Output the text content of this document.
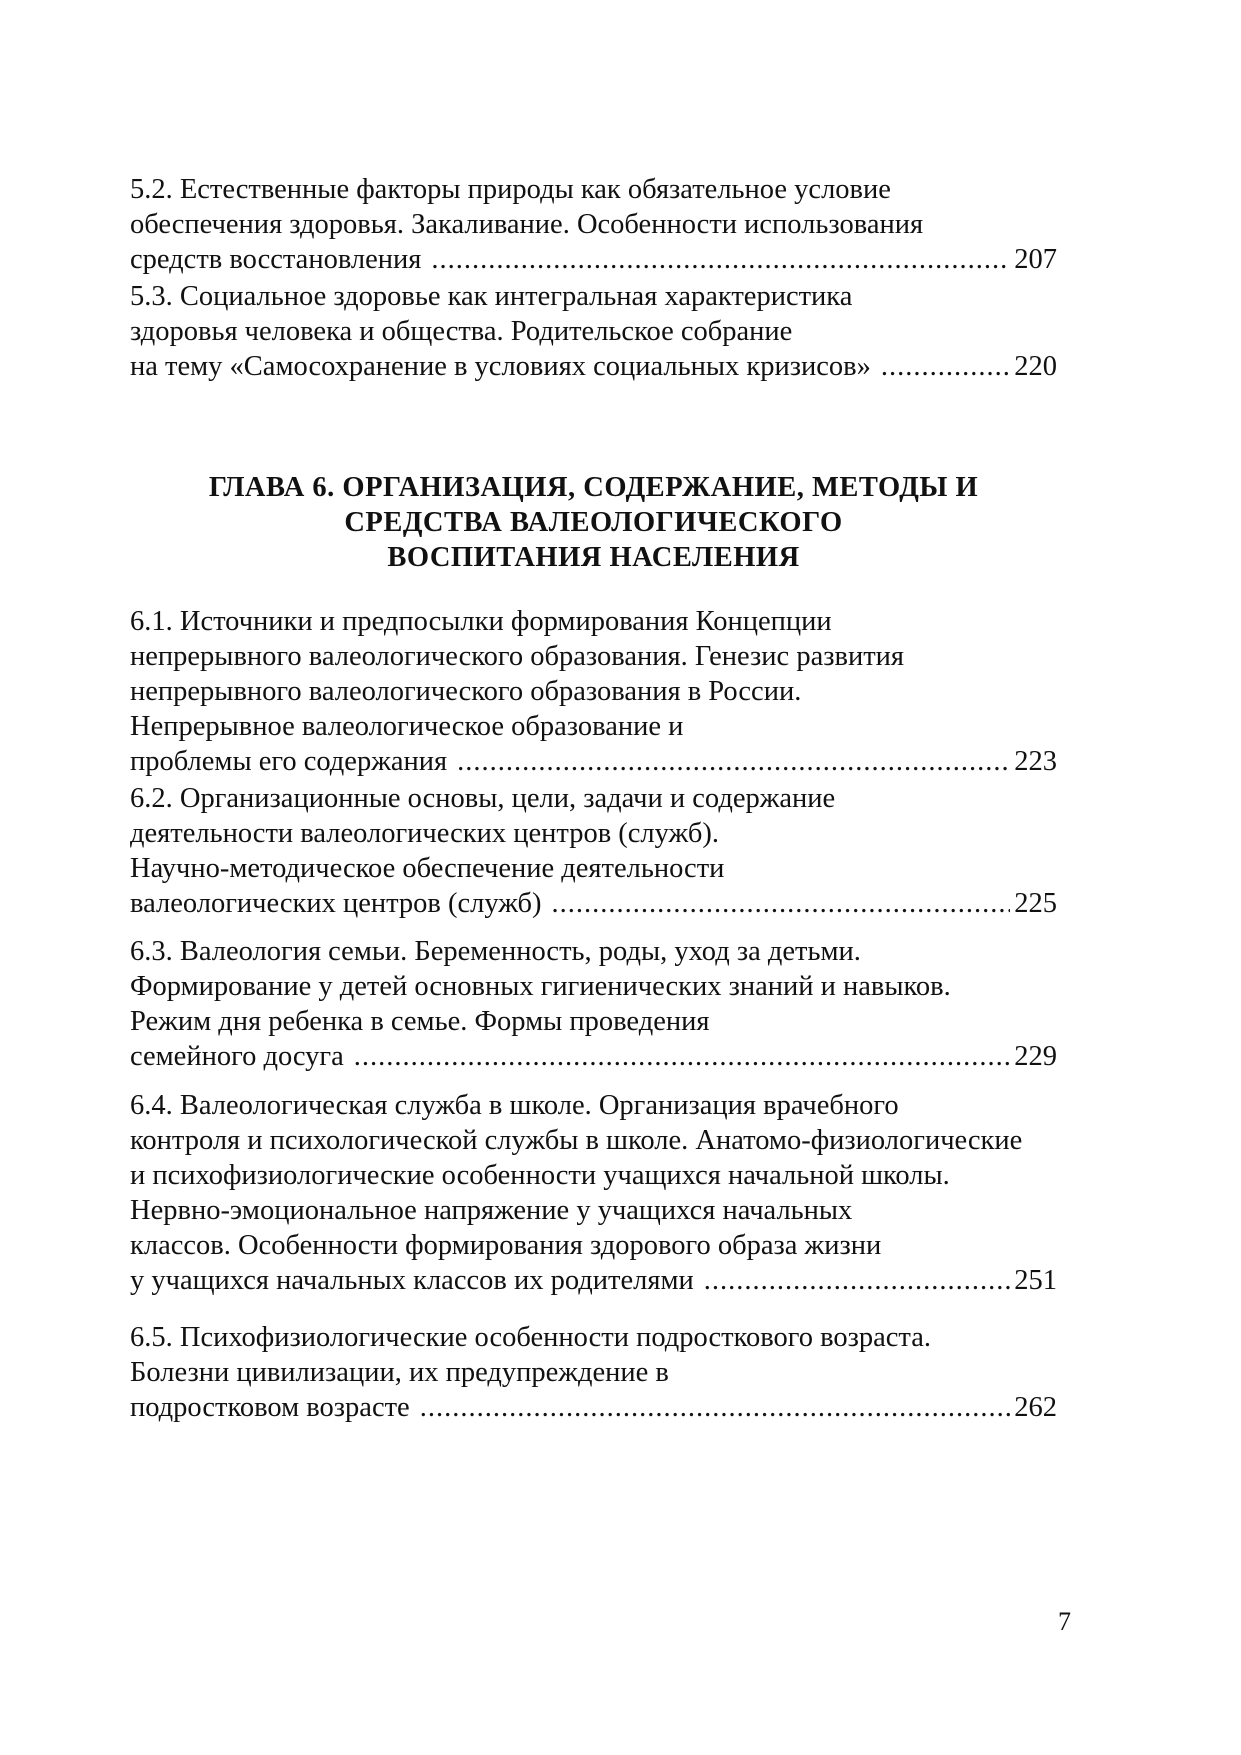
5.2. Естественные факторы природы как обязательное условие
обеспечения здоровья. Закаливание. Особенности использования
средств восстановления .....	207

5.3. Социальное здоровье как интегральная характеристика
здоровья человека и общества. Родительское собрание
на тему «Самосохранение в условиях социальных кризисов» .....	220

ГЛАВА 6. ОРГАНИЗАЦИЯ, СОДЕРЖАНИЕ, МЕТОДЫ И
СРЕДСТВА ВАЛЕОЛОГИЧЕСКОГО
ВОСПИТАНИЯ НАСЕЛЕНИЯ

6.1. Источники и предпосылки формирования Концепции
непрерывного валеологического образования. Генезис развития
непрерывного валеологического образования в России.
Непрерывное валеологическое образование и
проблемы его содержания .....	223

6.2. Организационные основы, цели, задачи и содержание
деятельности валеологических центров (служб).
Научно-методическое обеспечение деятельности
валеологических центров (служб) .....	225

6.3. Валеология семьи. Беременность, роды, уход за детьми.
Формирование у детей основных гигиенических знаний и навыков.
Режим дня ребенка в семье. Формы проведения
семейного досуга .....	229

6.4. Валеологическая служба в школе. Организация врачебного
контроля и психологической службы в школе. Анатомо-физиологические
и психофизиологические особенности учащихся начальной школы.
Нервно-эмоциональное напряжение у учащихся начальных
классов. Особенности формирования здорового образа жизни
у учащихся начальных классов их родителями .....	251

6.5. Психофизиологические особенности подросткового возраста.
Болезни цивилизации, их предупреждение в
подростковом возрасте .....	262

7
